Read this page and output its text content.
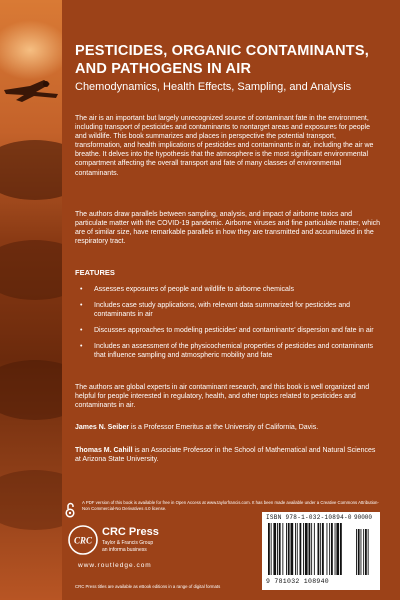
PESTICIDES, ORGANIC CONTAMINANTS,
AND PATHOGENS IN AIR
Chemodynamics, Health Effects, Sampling, and Analysis

The air is an important but largely unrecognized source of contaminant fate in the environment, including transport of pesticides and contaminants to nontarget areas and exposures for people and wildlife. This book summarizes and places in perspective the potential transport, transformation, and health implications of pesticides and contaminants in air, including the air we breathe. It delves into the hypothesis that the atmosphere is the most significant environmental compartment affecting the overall transport and fate of many classes of environmental contaminants.

The authors draw parallels between sampling, analysis, and impact of airborne toxics and particulate matter with the COVID-19 pandemic. Airborne viruses and fine particulate matter, which are of similar size, have remarkable parallels in how they are transmitted and accumulated in the respiratory tract.

FEATURES
• Assesses exposures of people and wildlife to airborne chemicals
• Includes case study applications, with relevant data summarized for pesticides and contaminants in air
• Discusses approaches to modeling pesticides’ and contaminants’ dispersion and fate in air
• Includes an assessment of the physicochemical properties of pesticides and contaminants that influence sampling and atmospheric mobility and fate

The authors are global experts in air contaminant research, and this book is well organized and helpful for people interested in regulatory, health, and other topics related to pesticides and contaminants in air.

James N. Seiber is a Professor Emeritus at the University of California, Davis.

Thomas M. Cahill is an Associate Professor in the School of Mathematical and Natural Sciences at Arizona State University.

A PDF version of this book is available for free in Open Access at www.taylorfrancis.com. It has been made available under a Creative Commons Attribution-Non Commercial-No Derivatives 4.0 license.
CRC
CRC Press
Taylor & Francis Group
an informa business
www.routledge.com
CRC Press titles are available as eBook editions in a range of digital formats
ISBN 978-1-032-10894-0
9 781032 108940
90000
